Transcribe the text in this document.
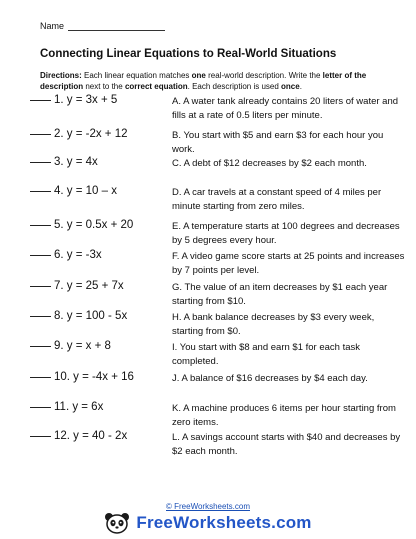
Name
Connecting Linear Equations to Real-World Situations
Directions: Each linear equation matches one real-world description. Write the letter of the description next to the correct equation. Each description is used once.
1. y = 3x + 5	A. A water tank already contains 20 liters of water and fills at a rate of 0.5 liters per minute.
2. y = -2x + 12	B. You start with $5 and earn $3 for each hour you work.
3. y = 4x	C. A debt of $12 decreases by $2 each month.
4. y = 10 – x	D. A car travels at a constant speed of 4 miles per minute starting from zero miles.
5. y = 0.5x + 20	E. A temperature starts at 100 degrees and decreases by 5 degrees every hour.
6. y = -3x	F. A video game score starts at 25 points and increases by 7 points per level.
7. y = 25 + 7x	G. The value of an item decreases by $1 each year starting from $10.
8. y = 100 - 5x	H. A bank balance decreases by $3 every week, starting from $0.
9. y = x + 8	I. You start with $8 and earn $1 for each task completed.
10. y = -4x + 16	J. A balance of $16 decreases by $4 each day.
11. y = 6x	K. A machine produces 6 items per hour starting from zero items.
12. y = 40 - 2x	L. A savings account starts with $40 and decreases by $2 each month.
© FreeWorksheets.com
FreeWorksheets.com
